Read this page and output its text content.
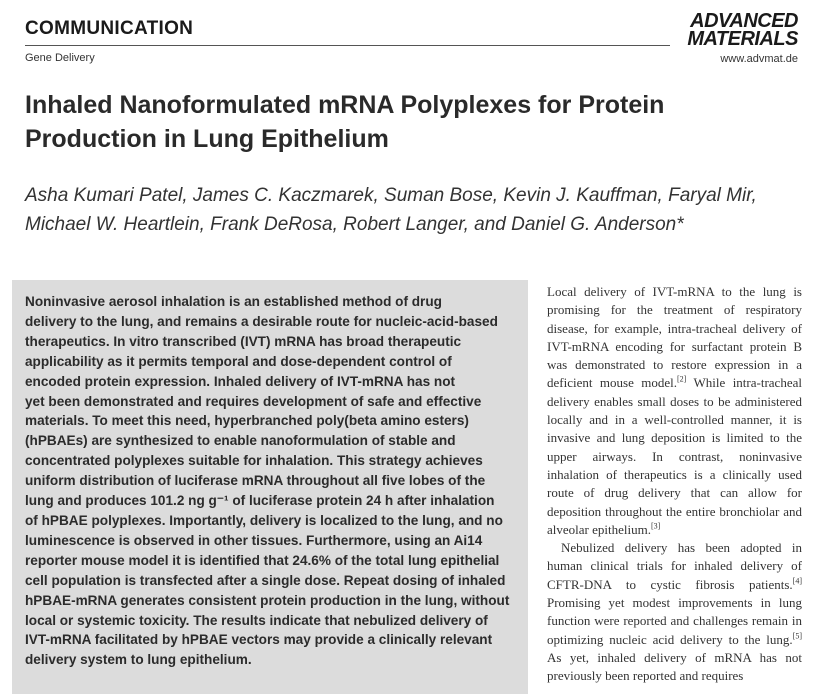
COMMUNICATION
Gene Delivery
ADVANCED
MATERIALS
www.advmat.de
Inhaled Nanoformulated mRNA Polyplexes for Protein
Production in Lung Epithelium
Asha Kumari Patel, James C. Kaczmarek, Suman Bose, Kevin J. Kauffman, Faryal Mir,
Michael W. Heartlein, Frank DeRosa, Robert Langer, and Daniel G. Anderson*
Noninvasive aerosol inhalation is an established method of drug
delivery to the lung, and remains a desirable route for nucleic-acid-based
therapeutics. In vitro transcribed (IVT) mRNA has broad therapeutic
applicability as it permits temporal and dose-dependent control of
encoded protein expression. Inhaled delivery of IVT-mRNA has not
yet been demonstrated and requires development of safe and effective
materials. To meet this need, hyperbranched poly(beta amino esters)
(hPBAEs) are synthesized to enable nanoformulation of stable and
concentrated polyplexes suitable for inhalation. This strategy achieves
uniform distribution of luciferase mRNA throughout all five lobes of the
lung and produces 101.2 ng g⁻¹ of luciferase protein 24 h after inhalation
of hPBAE polyplexes. Importantly, delivery is localized to the lung, and no
luminescence is observed in other tissues. Furthermore, using an Ai14
reporter mouse model it is identified that 24.6% of the total lung epithelial
cell population is transfected after a single dose. Repeat dosing of inhaled
hPBAE-mRNA generates consistent protein production in the lung, without
local or systemic toxicity. The results indicate that nebulized delivery of
IVT-mRNA facilitated by hPBAE vectors may provide a clinically relevant
delivery system to lung epithelium.

Local delivery of IVT-mRNA to the lung is promising for the treatment of respiratory disease, for example, intra-tracheal delivery of IVT-mRNA encoding for surfactant protein B was demonstrated to restore expression in a deficient mouse model.[2] While intra-tracheal delivery enables small doses to be administered locally and in a well-controlled manner, it is invasive and lung deposition is limited to the upper airways. In contrast, noninvasive inhalation of therapeutics is a clinically used route of drug delivery that can allow for deposition throughout the entire bronchiolar and alveolar epithelium.[3]

Nebulized delivery has been adopted in human clinical trials for inhaled delivery of CFTR-DNA to cystic fibrosis patients.[4] Promising yet modest improvements in lung function were reported and challenges remain in optimizing nucleic acid delivery to the lung.[5] As yet, inhaled delivery of mRNA has not previously been reported and requires
